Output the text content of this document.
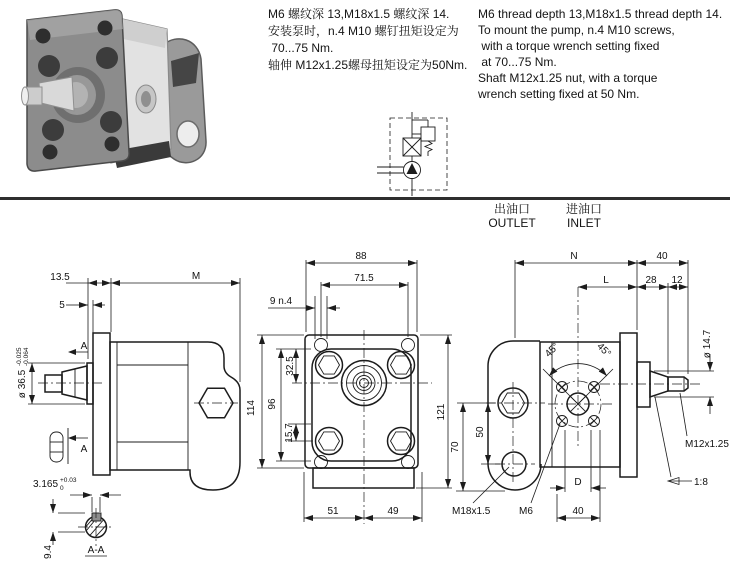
M6 螺纹深 13,M18x1.5 螺纹深 14.
安装泵时，n.4 M10 螺钉扭矩设定为
70...75 Nm.
轴伸 M12x1.25螺母扭矩设定为50Nm.
M6 thread depth 13,M18x1.5 thread depth 14.
To mount the pump, n.4 M10 screws,
with a torque wrench setting fixed
at 70...75 Nm.
Shaft M12x1.25 nut, with a torque
wrench setting fixed at 50 Nm.
出油口
OUTLET
进油口
INLET
A
A
ø 36.5
-0.025 -0.064
13.5
5
M
3.165 +0.03
0
9.4	A-A
88
71.5
9 n.4
114 96
32.5
15.7
51	49
121
45°	45°
N	40
L	28 12
70
50
D
40
M18x1.5	M6
M12x1.25
1:8
ø 14.7
